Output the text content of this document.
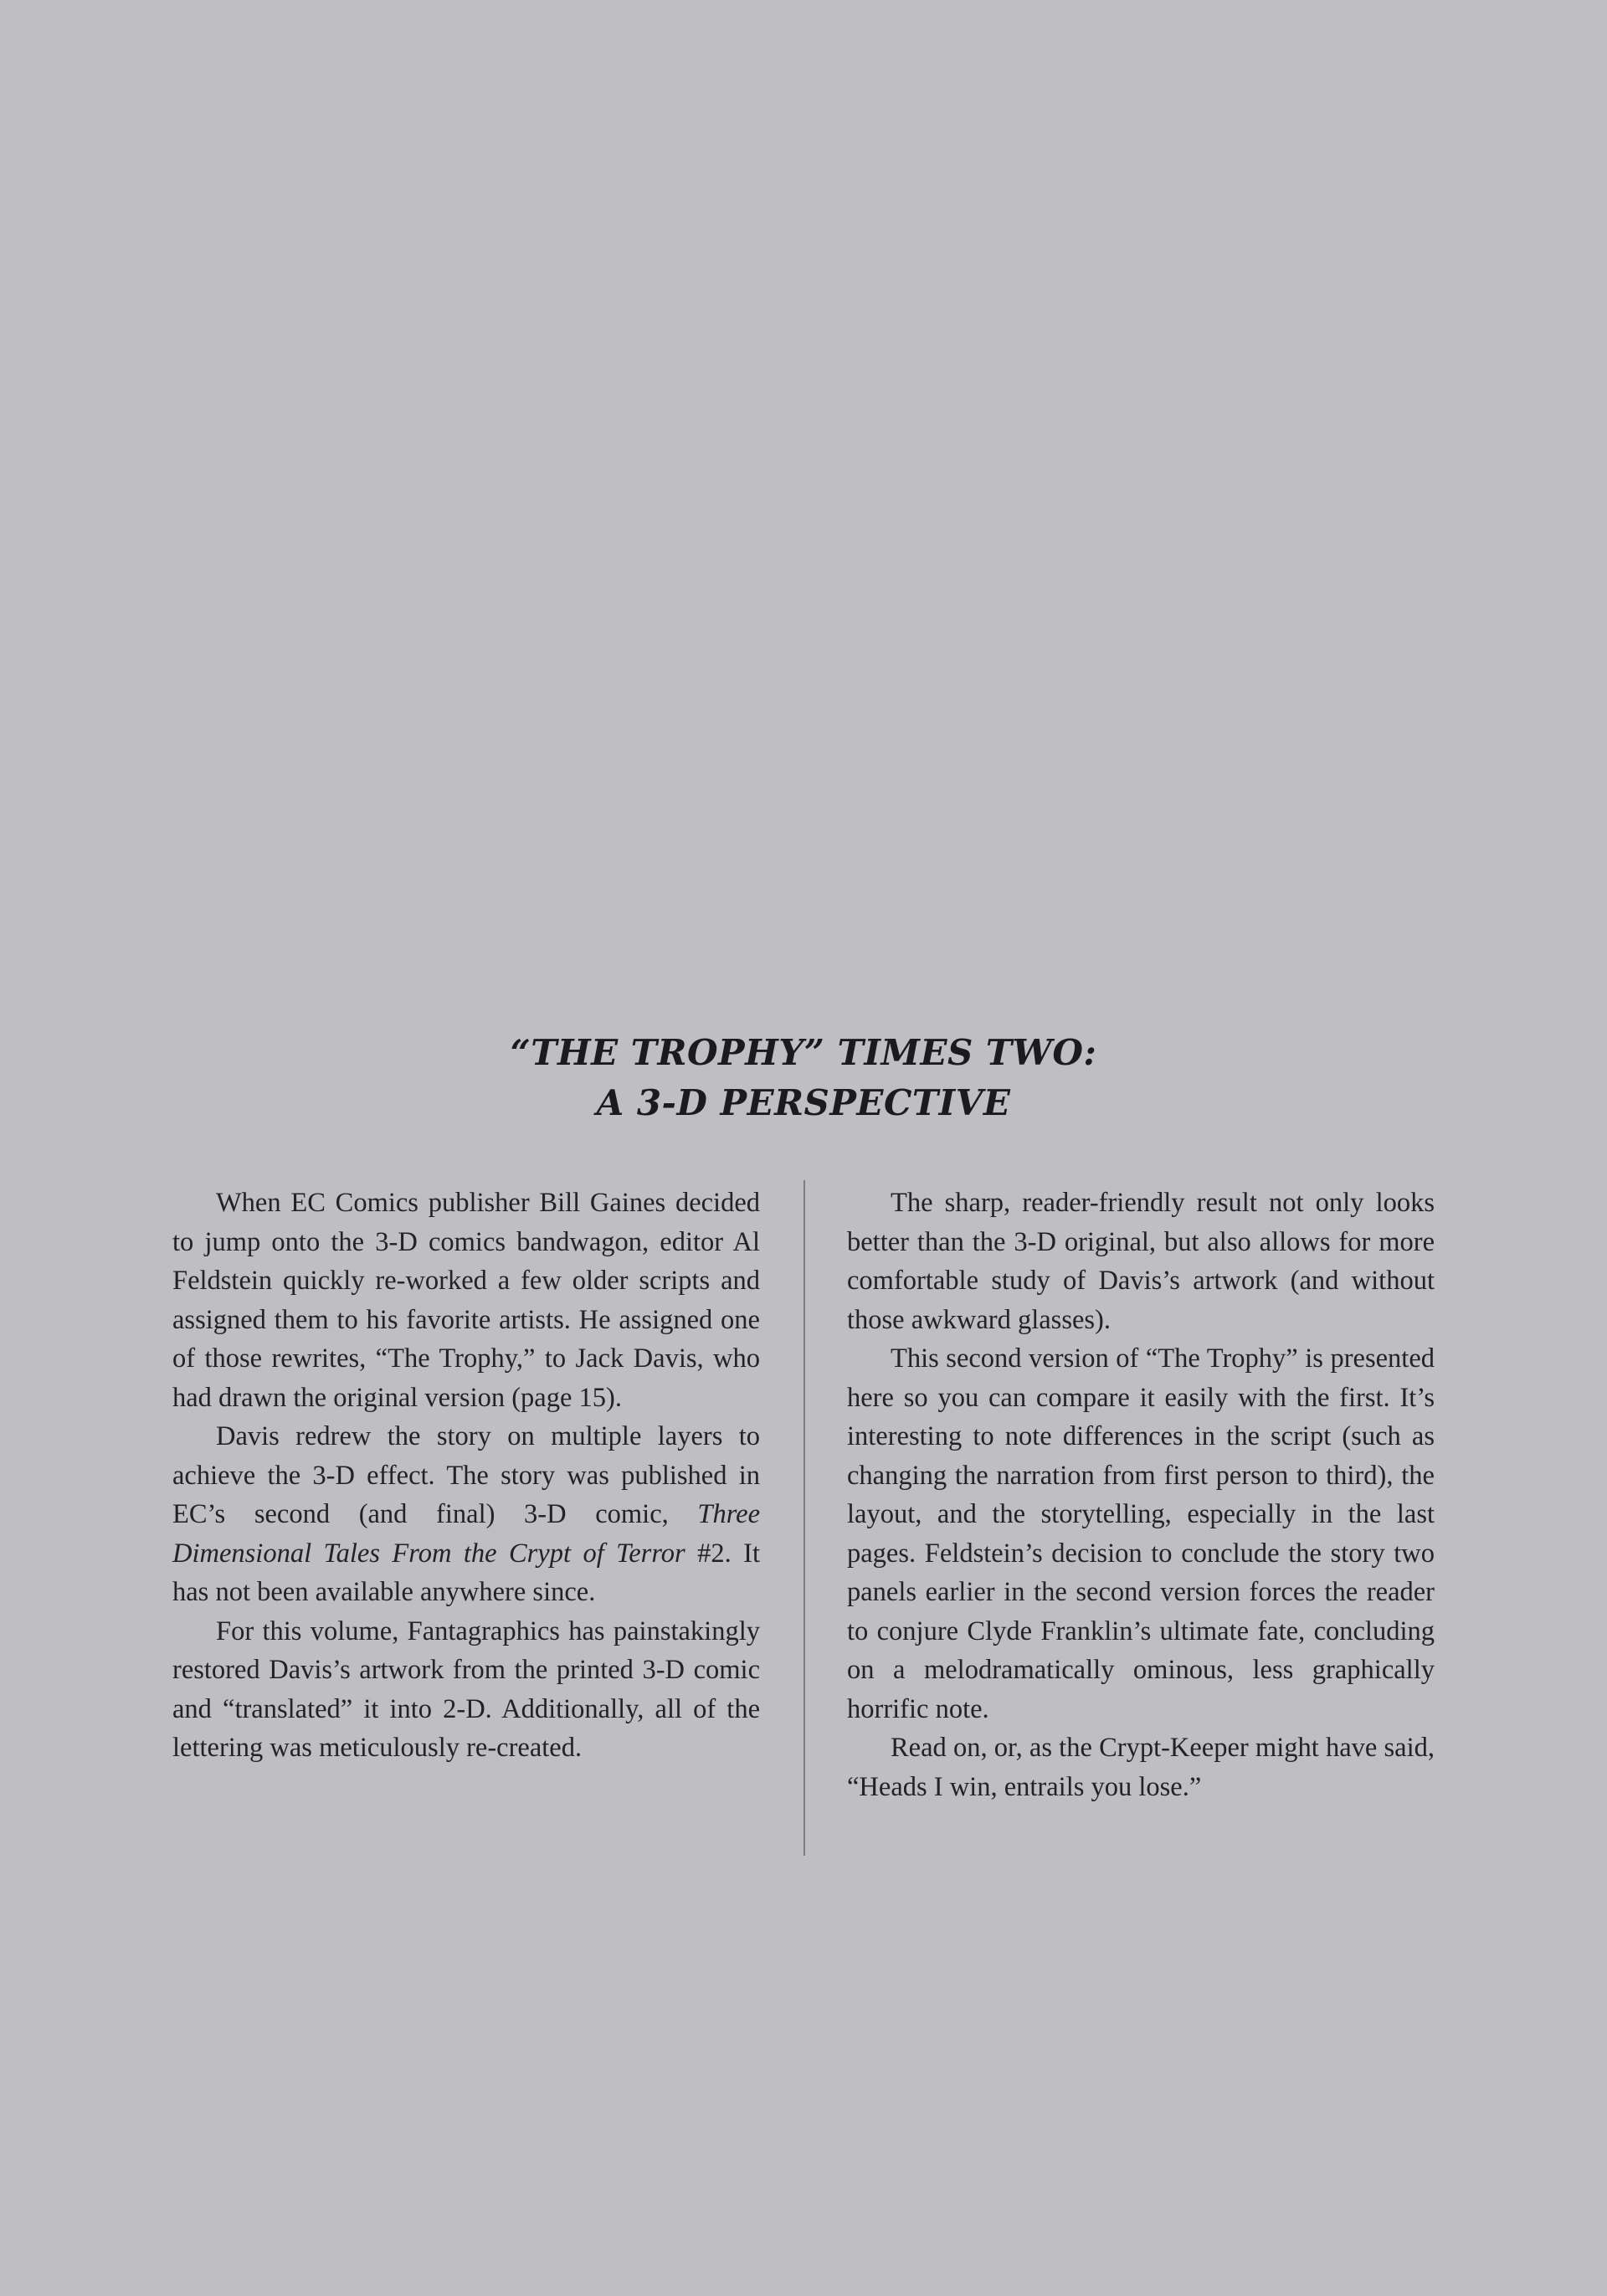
“THE TROPHY” TIMES TWO:
A 3-D PERSPECTIVE

When EC Comics publisher Bill Gaines decided to jump onto the 3-D comics bandwagon, editor Al Feldstein quickly re-worked a few older scripts and assigned them to his favorite artists. He assigned one of those rewrites, “The Trophy,” to Jack Davis, who had drawn the original version (page 15).

Davis redrew the story on multiple layers to achieve the 3-D effect. The story was published in EC’s second (and final) 3-D comic, Three Dimensional Tales From the Crypt of Terror #2. It has not been available anywhere since.

For this volume, Fantagraphics has painstakingly restored Davis’s artwork from the printed 3-D comic and “translated” it into 2-D. Additionally, all of the lettering was meticulously re-created.

The sharp, reader-friendly result not only looks better than the 3-D original, but also allows for more comfortable study of Davis’s artwork (and without those awkward glasses).

This second version of “The Trophy” is presented here so you can compare it easily with the first. It’s interesting to note differences in the script (such as changing the narration from first person to third), the layout, and the storytelling, especially in the last pages. Feldstein’s decision to conclude the story two panels earlier in the second version forces the reader to conjure Clyde Franklin’s ultimate fate, concluding on a melodramatically ominous, less graphically horrific note.

Read on, or, as the Crypt-Keeper might have said, “Heads I win, entrails you lose.”
